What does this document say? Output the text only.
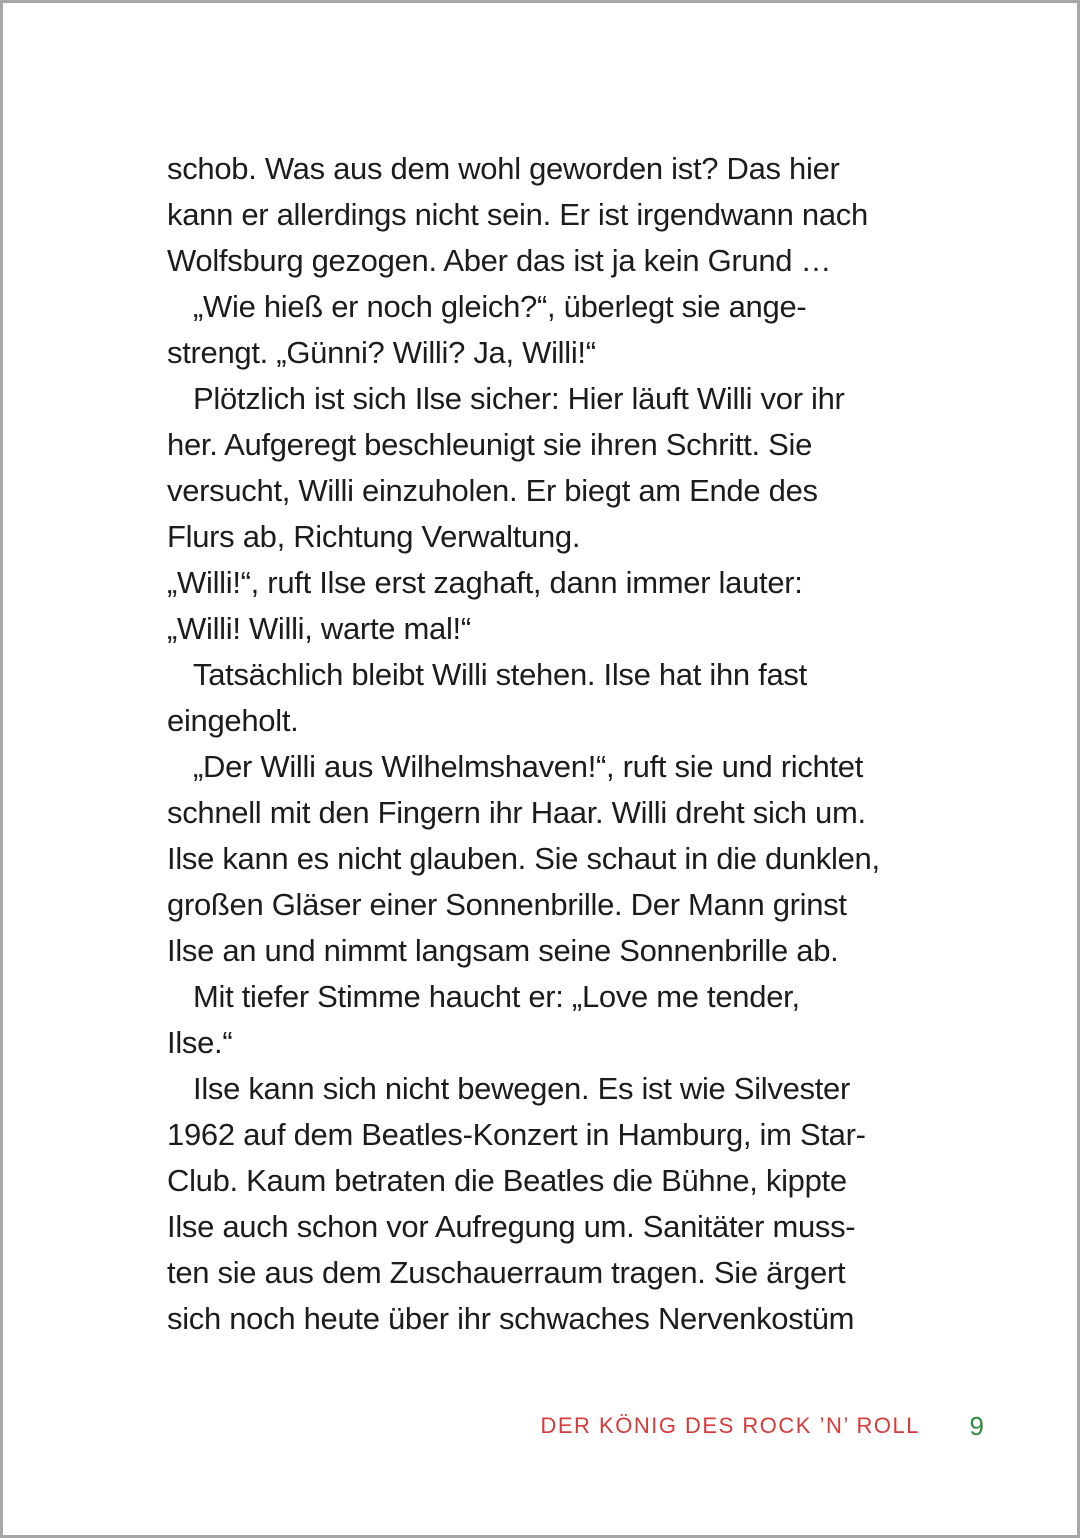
schob. Was aus dem wohl geworden ist? Das hier
kann er allerdings nicht sein. Er ist irgendwann nach
Wolfsburg gezogen. Aber das ist ja kein Grund …
„Wie hieß er noch gleich?“, überlegt sie ange-
strengt. „Günni? Willi? Ja, Willi!“
Plötzlich ist sich Ilse sicher: Hier läuft Willi vor ihr
her. Aufgeregt beschleunigt sie ihren Schritt. Sie
versucht, Willi einzuholen. Er biegt am Ende des
Flurs ab, Richtung Verwaltung.
„Willi!“, ruft Ilse erst zaghaft, dann immer lauter:
„Willi! Willi, warte mal!“
Tatsächlich bleibt Willi stehen. Ilse hat ihn fast
eingeholt.
„Der Willi aus Wilhelmshaven!“, ruft sie und richtet
schnell mit den Fingern ihr Haar. Willi dreht sich um.
Ilse kann es nicht glauben. Sie schaut in die dunklen,
großen Gläser einer Sonnenbrille. Der Mann grinst
Ilse an und nimmt langsam seine Sonnenbrille ab.
Mit tiefer Stimme haucht er: „Love me tender,
Ilse.“
Ilse kann sich nicht bewegen. Es ist wie Silvester
1962 auf dem Beatles-Konzert in Hamburg, im Star-
Club. Kaum betraten die Beatles die Bühne, kippte
Ilse auch schon vor Aufregung um. Sanitäter muss-
ten sie aus dem Zuschauerraum tragen. Sie ärgert
sich noch heute über ihr schwaches Nervenkostüm
DER KÖNIG DES ROCK ’N’ ROLL 9
